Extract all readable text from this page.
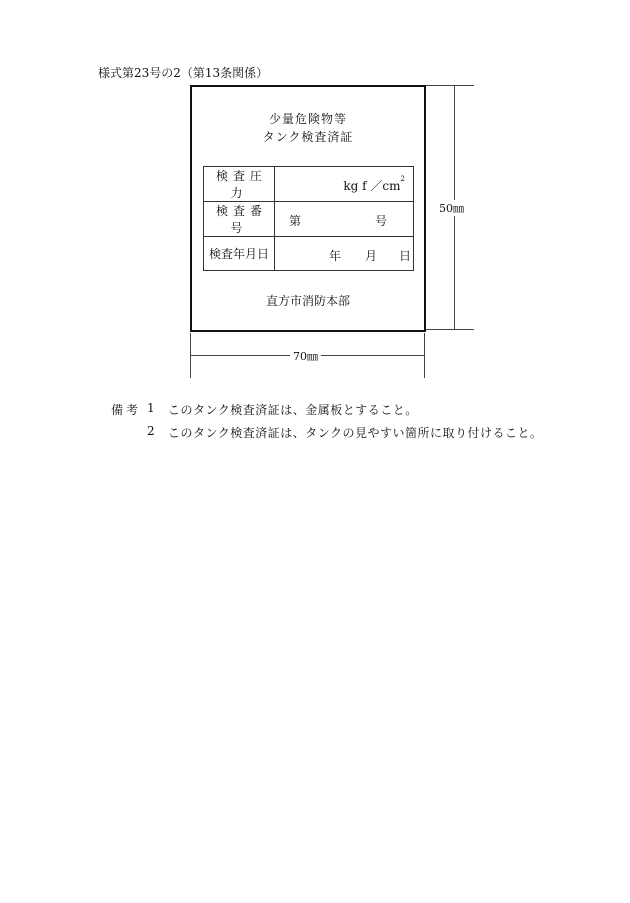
様式第23号の2（第13条関係）
少量危険物等
タンク検査済証
検査圧力	kg f $/cm^2$

検査番号	第 号

検査年月日	年 月 日
直方市消防本部
50㎜
70㎜
備考 1 このタンク検査済証は、金属板とすること。
2 このタンク検査済証は、タンクの見やすい箇所に取り付けること。
